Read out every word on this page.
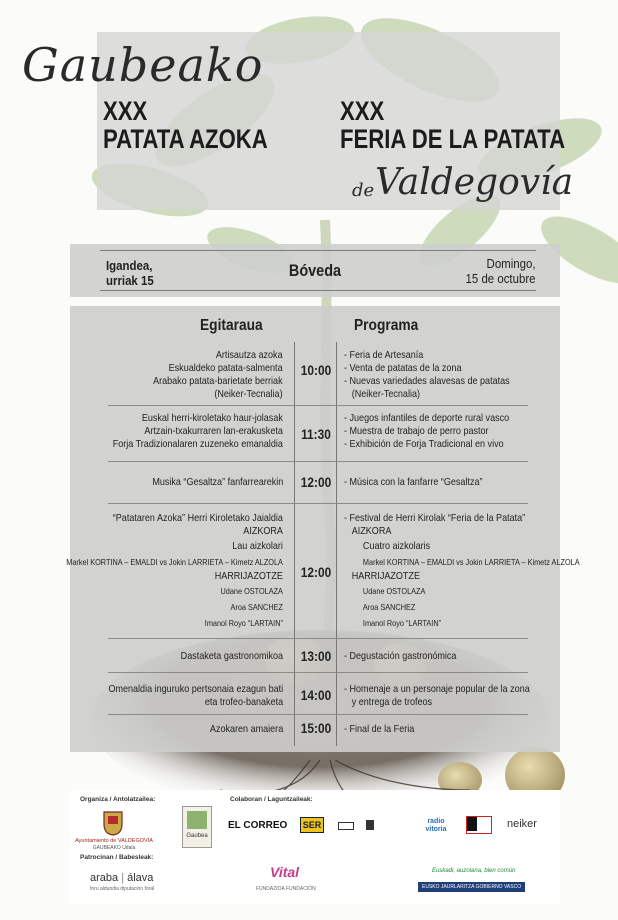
Gaubeako
XXX
PATATA AZOKA
XXX
FERIA DE LA PATATA
de Valdegovía
Igandea,
urriak 15
Bóveda	Domingo,
15 de octubre
Egitaraua	Programa
Artisautza azoka
Eskualdeko patata-salmenta
Arabako patata-barietate berriak
(Neiker-Tecnalia)
10:00
- Feria de Artesanía
- Venta de patatas de la zona
- Nuevas variedades alavesas de patatas
(Neiker-Tecnalia)
Euskal herri-kiroletako haur-jolasak
Artzain-txakurraren lan-erakusketa
Forja Tradizionalaren zuzeneko emanaldia
11:30
- Juegos infantiles de deporte rural vasco
- Muestra de trabajo de perro pastor
- Exhibición de Forja Tradicional en vivo
Musika “Gesaltza” fanfarrearekin 12:00 - Música con la fanfarre “Gesaltza”
“Patataren Azoka” Herri Kiroletako Jaialdia
AIZKORA
Lau aizkolari
Markel KORTINA – EMALDI vs Jokin LARRIETA – Kimetz ALZOLA
HARRIJAZOTZE
Udane OSTOLAZA
Aroa SANCHEZ
Imanol Royo “LARTAIN”
12:00
- Festival de Herri Kirolak “Feria de la Patata”
AIZKORA
Cuatro aizkolaris
Markel KORTINA – EMALDI vs Jokin LARRIETA – Kimetz ALZOLA
HARRIJAZOTZE
Udane OSTOLAZA
Aroa SANCHEZ
Imanol Royo “LARTAIN”
Dastaketa gastronomikoa 13:00 - Degustación gastronómica
Omenaldia inguruko pertsonaia ezagun bati
eta trofeo-banaketa 14:00 - Homenaje a un personaje popular de la zona
y entrega de trofeos
Azokaren amaiera 15:00 - Final de la Feria
Organiza / Antolatzailea:	Colaboran / Laguntzaileak:
Ayuntamiento de VALDEGOVÍA
GAUBEAKO Udala
Gaubea
EL CORREO	SER	radio vitoria	neiker
Patrocinan / Babesleak:
araba | álava
foru aldundia diputación foral
Vital
FUNDAZIOA FUNDACIÓN
Euskadi, auzolana, bien común
EUSKO JAURLARITZA GOBIERNO VASCO
